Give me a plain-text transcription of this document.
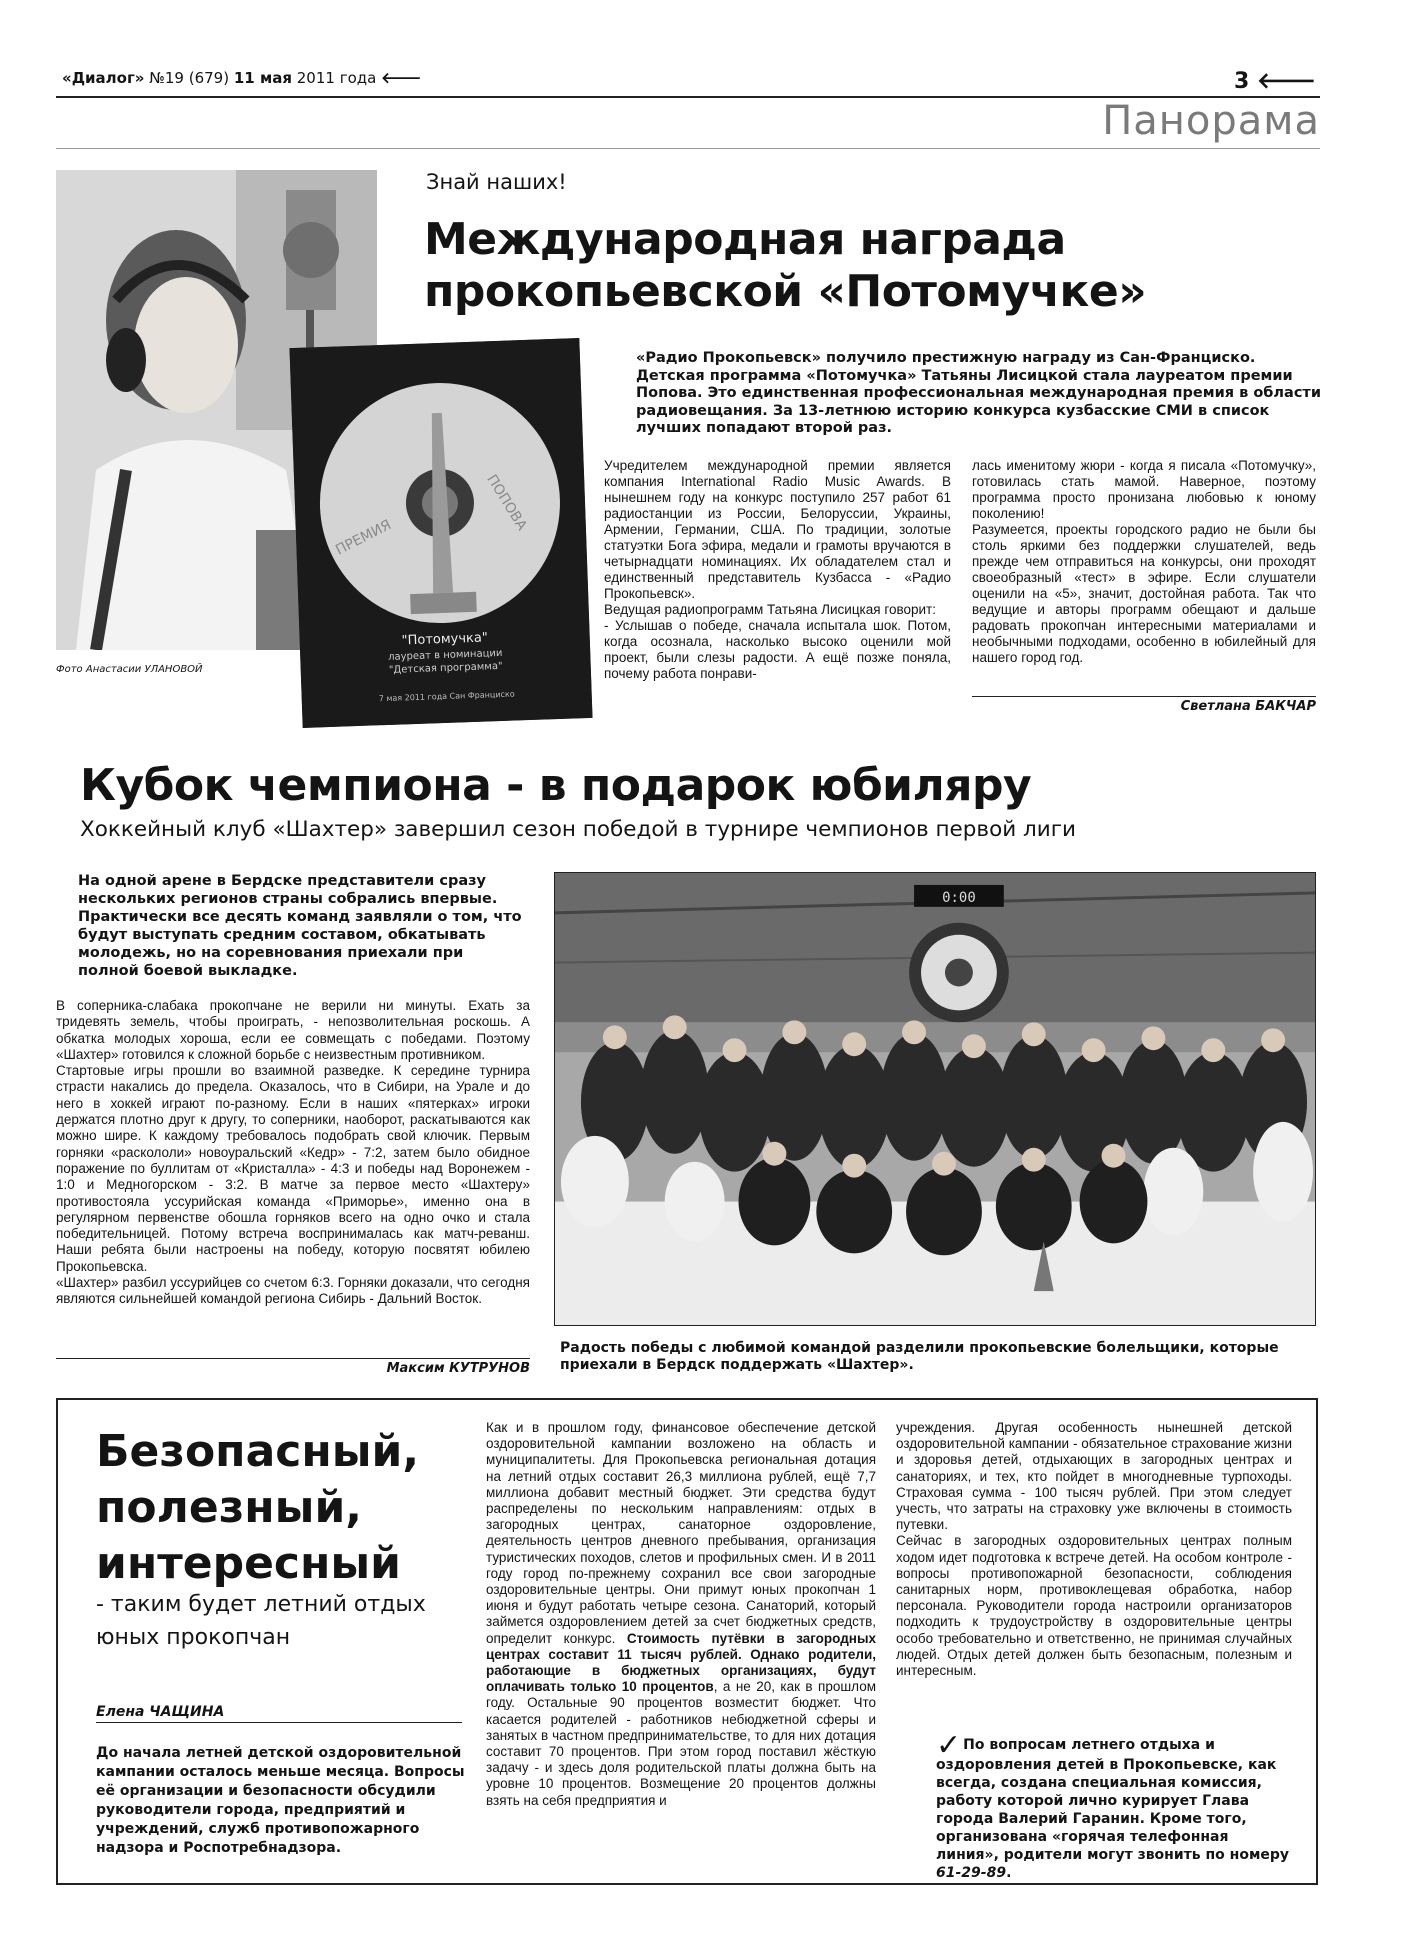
«Диалог» №19 (679) 11 мая 2011 года 🡐	3 🡐
Панорама
Фото Анастасии УЛАНОВОЙ
ПРЕМИЯ
ПОПОВА
"Потомучка"
лауреат в номинации
"Детская программа"
7 мая 2011 года Сан Франциско
Знай наших!
Международная награда прокопьевской «Потомучке»
«Радио Прокопьевск» получило престижную награду из Сан-Франциско. Детская программа «Потомучка» Татьяны Лисицкой стала лауреатом премии Попова. Это единственная профессиональная международная премия в области радиовещания. За 13-летнюю историю конкурса кузбасские СМИ в список лучших попадают второй раз.

Учредителем международной премии является компания International Radio Music Awards. В нынешнем году на конкурс поступило 257 работ 61 радиостанции из России, Белоруссии, Украины, Армении, Германии, США. По традиции, золотые статуэтки Бога эфира, медали и грамоты вручаются в четырнадцати номинациях. Их обладателем стал и единственный представитель Кузбасса - «Радио Прокопьевск».

Ведущая радиопрограмм Татьяна Лисицкая говорит:

- Услышав о победе, сначала испытала шок. Потом, когда осознала, насколько высоко оценили мой проект, были слезы радости. А ещё позже поняла, почему работа понрави-

лась именитому жюри - когда я писала «Потомучку», готовилась стать мамой. Наверное, поэтому программа просто пронизана любовью к юному поколению!

Разумеется, проекты городского радио не были бы столь яркими без поддержки слушателей, ведь прежде чем отправиться на конкурсы, они проходят своеобразный «тест» в эфире. Если слушатели оценили на «5», значит, достойная работа. Так что ведущие и авторы программ обещают и дальше радовать прокопчан интересными материалами и необычными подходами, особенно в юбилейный для нашего город год.

Светлана БАКЧАР
Кубок чемпиона - в подарок юбиляру
Хоккейный клуб «Шахтер» завершил сезон победой в турнире чемпионов первой лиги
На одной арене в Бердске представители сразу нескольких регионов страны собрались впервые. Практически все десять команд заявляли о том, что будут выступать средним составом, обкатывать молодежь, но на соревнования приехали при полной боевой выкладке.

В соперника-слабака прокопчане не верили ни минуты. Ехать за тридевять земель, чтобы проиграть, - непозволительная роскошь. А обкатка молодых хороша, если ее совмещать с победами. Поэтому «Шахтер» готовился к сложной борьбе с неизвестным противником.

Стартовые игры прошли во взаимной разведке. К середине турнира страсти накались до предела. Оказалось, что в Сибири, на Урале и до него в хоккей играют по-разному. Если в наших «пятерках» игроки держатся плотно друг к другу, то соперники, наоборот, раскатываются как можно шире. К каждому требовалось подобрать свой ключик. Первым горняки «раскололи» новоуральский «Кедр» - 7:2, затем было обидное поражение по буллитам от «Кристалла» - 4:3 и победы над Воронежем - 1:0 и Медногорском - 3:2. В матче за первое место «Шахтеру» противостояла уссурийская команда «Приморье», именно она в регулярном первенстве обошла горняков всего на одно очко и стала победительницей. Потому встреча воспринималась как матч-реванш. Наши ребята были настроены на победу, которую посвятят юбилею Прокопьевска.

«Шахтер» разбил уссурийцев со счетом 6:3. Горняки доказали, что сегодня являются сильнейшей командой региона Сибирь - Дальний Восток.

Максим КУТРУНОВ
0:00
Радость победы с любимой командой разделили прокопьевские болельщики, которые приехали в Бердск поддержать «Шахтер».
Безопасный, полезный, интересный
- таким будет летний отдых юных прокопчан
Елена ЧАЩИНА
До начала летней детской оздоровительной кампании осталось меньше месяца. Вопросы её организации и безопасности обсудили руководители города, предприятий и учреждений, служб противопожарного надзора и Роспотребнадзора.

Как и в прошлом году, финансовое обеспечение детской оздоровительной кампании возложено на область и муниципалитеты. Для Прокопьевска региональная дотация на летний отдых составит 26,3 миллиона рублей, ещё 7,7 миллиона добавит местный бюджет. Эти средства будут распределены по нескольким направлениям: отдых в загородных центрах, санаторное оздоровление, деятельность центров дневного пребывания, организация туристических походов, слетов и профильных смен. И в 2011 году город по-прежнему сохранил все свои загородные оздоровительные центры. Они примут юных прокопчан 1 июня и будут работать четыре сезона. Санаторий, который займется оздоровлением детей за счет бюджетных средств, определит конкурс. Стоимость путёвки в загородных центрах составит 11 тысяч рублей. Однако родители, работающие в бюджетных организациях, будут оплачивать только 10 процентов, а не 20, как в прошлом году. Остальные 90 процентов возместит бюджет. Что касается родителей - работников небюджетной сферы и занятых в частном предпринимательстве, то для них дотация составит 70 процентов. При этом город поставил жёсткую задачу - и здесь доля родительской платы должна быть на уровне 10 процентов. Возмещение 20 процентов должны взять на себя предприятия и

учреждения. Другая особенность нынешней детской оздоровительной кампании - обязательное страхование жизни и здоровья детей, отдыхающих в загородных центрах и санаториях, и тех, кто пойдет в многодневные турпоходы. Страховая сумма - 100 тысяч рублей. При этом следует учесть, что затраты на страховку уже включены в стоимость путевки.

Сейчас в загородных оздоровительных центрах полным ходом идет подготовка к встрече детей. На особом контроле - вопросы противопожарной безопасности, соблюдения санитарных норм, противоклещевая обработка, набор персонала. Руководители города настроили организаторов подходить к трудоустройству в оздоровительные центры особо требовательно и ответственно, не принимая случайных людей. Отдых детей должен быть безопасным, полезным и интересным.

✓ По вопросам летнего отдыха и оздоровления детей в Прокопьевске, как всегда, создана специальная комиссия, работу которой лично курирует Глава города Валерий Гаранин. Кроме того, организована «горячая телефонная линия», родители могут звонить по номеру 61-29-89.
